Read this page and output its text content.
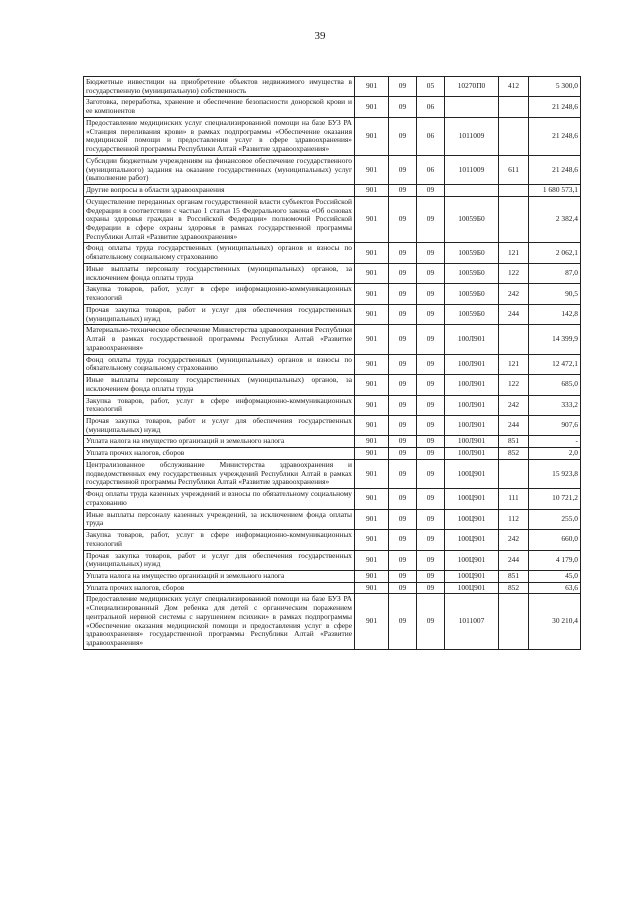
39
Бюджетные инвестиции на приобретение объектов недвижимого имущества в государственную (муниципальную) собственность	901	09	05	10270П0	412	5 300,0
Заготовка, переработка, хранение и обеспечение безопасности донорской крови и ее компонентов	901	09	06			21 248,6
Предоставление медицинских услуг специализированной помощи на базе БУЗ РА «Станция переливания крови» в рамках подпрограммы «Обеспечение оказания медицинской помощи и предоставления услуг в сфере здравоохранения» государственной программы Республики Алтай «Развитие здравоохранения»	901	09	06	1011009		21 248,6
Субсидии бюджетным учреждениям на финансовое обеспечение государственного (муниципального) задания на оказание государственных (муниципальных) услуг (выполнение работ)	901	09	06	1011009	611	21 248,6
Другие вопросы в области здравоохранения	901	09	09			1 680 573,1
Осуществление переданных органам государственной власти субъектов Российской Федерации в соответствии с частью 1 статьи 15 Федерального закона «Об основах охраны здоровья граждан в Российской Федерации» полномочий Российской Федерации в сфере охраны здоровья в рамках государственной программы Республики Алтай «Развитие здравоохранения»	901	09	09	10059Б0		2 382,4
Фонд оплаты труда государственных (муниципальных) органов и взносы по обязательному социальному страхованию	901	09	09	10059Б0	121	2 062,1
Иные выплаты персоналу государственных (муниципальных) органов, за исключением фонда оплаты труда	901	09	09	10059Б0	122	87,0
Закупка товаров, работ, услуг в сфере информационно-коммуникационных технологий	901	09	09	10059Б0	242	90,5
Прочая закупка товаров, работ и услуг для обеспечения государственных (муниципальных) нужд	901	09	09	10059Б0	244	142,8
Материально-техническое обеспечение Министерства здравоохранения Республики Алтай в рамках государственной программы Республики Алтай «Развитие здравоохранения»	901	09	09	100Л901		14 399,9
Фонд оплаты труда государственных (муниципальных) органов и взносы по обязательному социальному страхованию	901	09	09	100Л901	121	12 472,1
Иные выплаты персоналу государственных (муниципальных) органов, за исключением фонда оплаты труда	901	09	09	100Л901	122	685,0
Закупка товаров, работ, услуг в сфере информационно-коммуникационных технологий	901	09	09	100Л901	242	333,2
Прочая закупка товаров, работ и услуг для обеспечения государственных (муниципальных) нужд	901	09	09	100Л901	244	907,6
Уплата налога на имущество организаций и земельного налога	901	09	09	100Л901	851	-
Уплата прочих налогов, сборов	901	09	09	100Л901	852	2,0
Централизованное обслуживание Министерства здравоохранения и подведомственных ему государственных учреждений Республики Алтай в рамках государственной программы Республики Алтай «Развитие здравоохранения»	901	09	09	100Ц901		15 923,8
Фонд оплаты труда казенных учреждений и взносы по обязательному социальному страхованию	901	09	09	100Ц901	111	10 721,2
Иные выплаты персоналу казенных учреждений, за исключением фонда оплаты труда	901	09	09	100Ц901	112	255,0
Закупка товаров, работ, услуг в сфере информационно-коммуникационных технологий	901	09	09	100Ц901	242	660,0
Прочая закупка товаров, работ и услуг для обеспечения государственных (муниципальных) нужд	901	09	09	100Ц901	244	4 179,0
Уплата налога на имущество организаций и земельного налога	901	09	09	100Ц901	851	45,0
Уплата прочих налогов, сборов	901	09	09	100Ц901	852	63,6
Предоставление медицинских услуг специализированной помощи на базе БУЗ РА «Специализированный Дом ребенка для детей с органическим поражением центральной нервной системы с нарушением психики» в рамках подпрограммы «Обеспечение оказания медицинской помощи и предоставления услуг в сфере здравоохранения» государственной программы Республики Алтай «Развитие здравоохранения»	901	09	09	1011007		30 210,4
